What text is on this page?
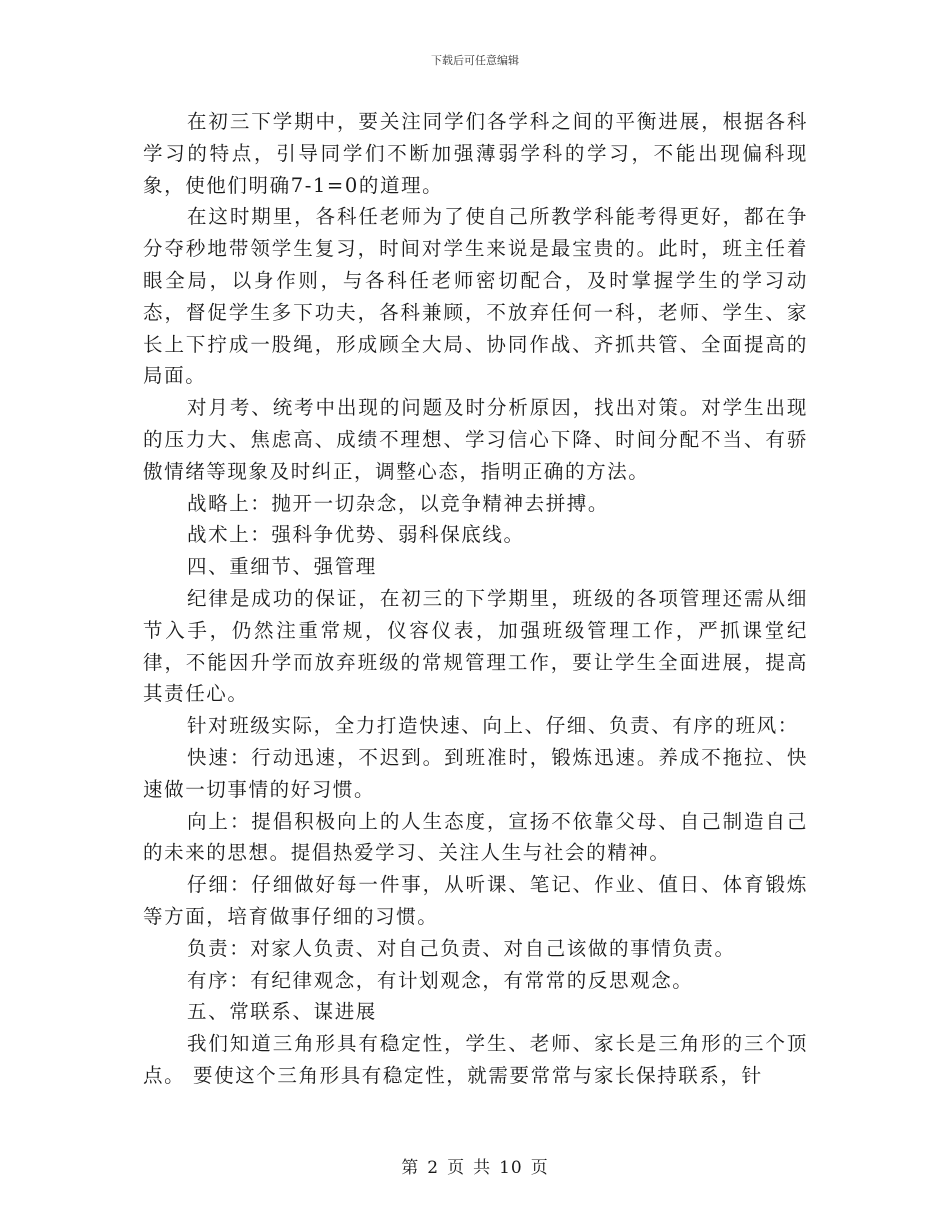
下载后可任意编辑

在初三下学期中，要关注同学们各学科之间的平衡进展，根据各科学习的特点，引导同学们不断加强薄弱学科的学习，不能出现偏科现象，使他们明确7-1=0的道理。

在这时期里，各科任老师为了使自己所教学科能考得更好，都在争分夺秒地带领学生复习，时间对学生来说是最宝贵的。此时，班主任着眼全局，以身作则，与各科任老师密切配合，及时掌握学生的学习动态，督促学生多下功夫，各科兼顾，不放弃任何一科，老师、学生、家长上下拧成一股绳，形成顾全大局、协同作战、齐抓共管、全面提高的局面。

对月考、统考中出现的问题及时分析原因，找出对策。对学生出现的压力大、焦虑高、成绩不理想、学习信心下降、时间分配不当、有骄傲情绪等现象及时纠正，调整心态，指明正确的方法。

战略上：抛开一切杂念，以竞争精神去拼搏。

战术上：强科争优势、弱科保底线。

四、重细节、强管理

纪律是成功的保证，在初三的下学期里，班级的各项管理还需从细节入手，仍然注重常规，仪容仪表，加强班级管理工作，严抓课堂纪律，不能因升学而放弃班级的常规管理工作，要让学生全面进展，提高其责任心。

针对班级实际，全力打造快速、向上、仔细、负责、有序的班风：

快速：行动迅速，不迟到。到班准时，锻炼迅速。养成不拖拉、快速做一切事情的好习惯。

向上：提倡积极向上的人生态度，宣扬不依靠父母、自己制造自己的未来的思想。提倡热爱学习、关注人生与社会的精神。

仔细：仔细做好每一件事，从听课、笔记、作业、值日、体育锻炼等方面，培育做事仔细的习惯。

负责：对家人负责、对自己负责、对自己该做的事情负责。

有序：有纪律观念，有计划观念，有常常的反思观念。

五、常联系、谋进展

我们知道三角形具有稳定性，学生、老师、家长是三角形的三个顶点。 要使这个三角形具有稳定性，就需要常常与家长保持联系，针

第 2 页 共 10 页
